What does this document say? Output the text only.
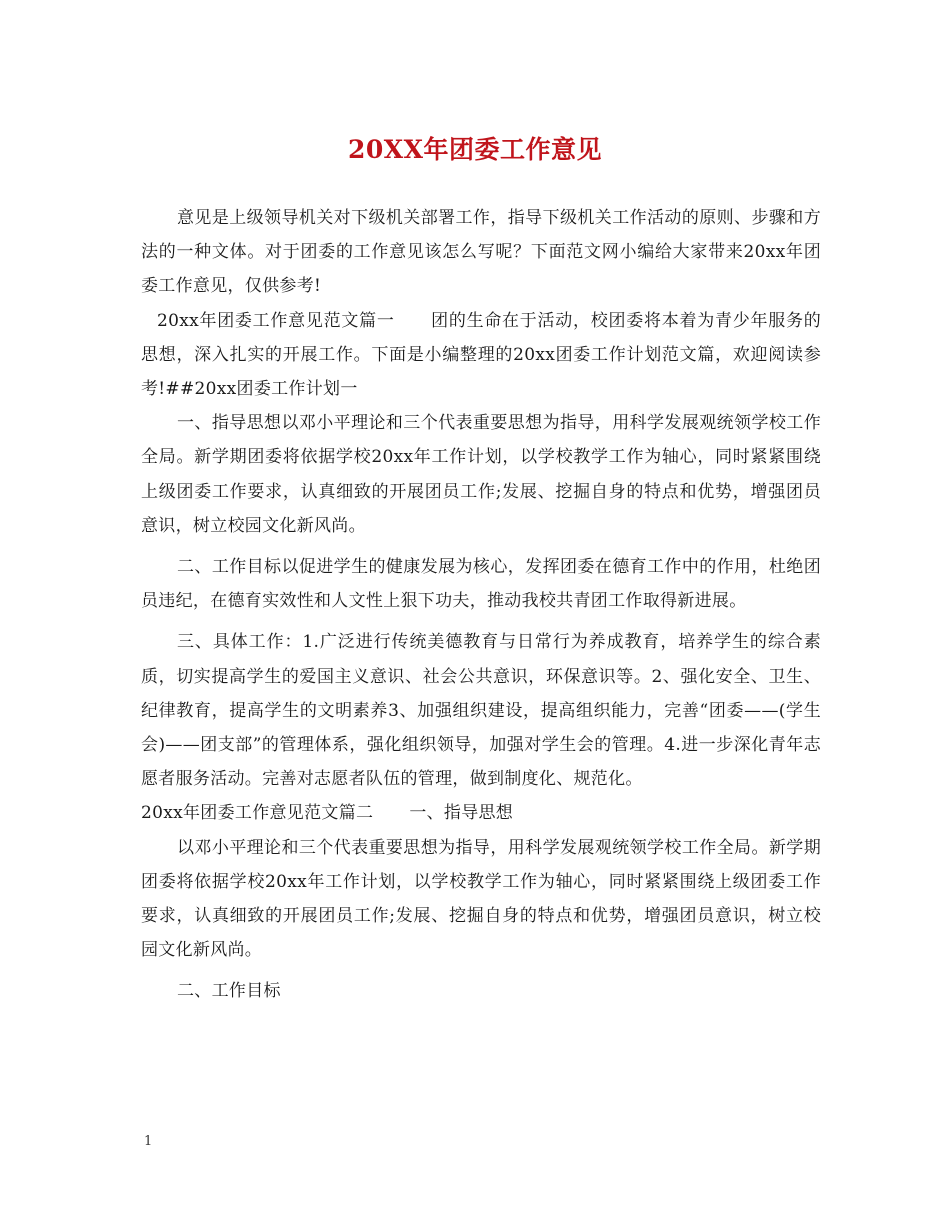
20XX年团委工作意见

意见是上级领导机关对下级机关部署工作，指导下级机关工作活动的原则、步骤和方法的一种文体。对于团委的工作意见该怎么写呢？下面范文网小编给大家带来20xx年团委工作意见，仅供参考!

20xx年团委工作意见范文篇一 团的生命在于活动，校团委将本着为青少年服务的思想，深入扎实的开展工作。下面是小编整理的20xx团委工作计划范文篇，欢迎阅读参考!##20xx团委工作计划一

一、指导思想以邓小平理论和三个代表重要思想为指导，用科学发展观统领学校工作全局。新学期团委将依据学校20xx年工作计划，以学校教学工作为轴心，同时紧紧围绕上级团委工作要求，认真细致的开展团员工作;发展、挖掘自身的特点和优势，增强团员意识，树立校园文化新风尚。

二、工作目标以促进学生的健康发展为核心，发挥团委在德育工作中的作用，杜绝团员违纪，在德育实效性和人文性上狠下功夫，推动我校共青团工作取得新进展。

三、具体工作：1.广泛进行传统美德教育与日常行为养成教育，培养学生的综合素质，切实提高学生的爱国主义意识、社会公共意识，环保意识等。2、强化安全、卫生、纪律教育，提高学生的文明素养3、加强组织建设，提高组织能力，完善“团委——(学生会)——团支部”的管理体系，强化组织领导，加强对学生会的管理。4.进一步深化青年志愿者服务活动。完善对志愿者队伍的管理，做到制度化、规范化。

20xx年团委工作意见范文篇二 一、指导思想

以邓小平理论和三个代表重要思想为指导，用科学发展观统领学校工作全局。新学期团委将依据学校20xx年工作计划，以学校教学工作为轴心，同时紧紧围绕上级团委工作要求，认真细致的开展团员工作;发展、挖掘自身的特点和优势，增强团员意识，树立校园文化新风尚。

二、工作目标

1
